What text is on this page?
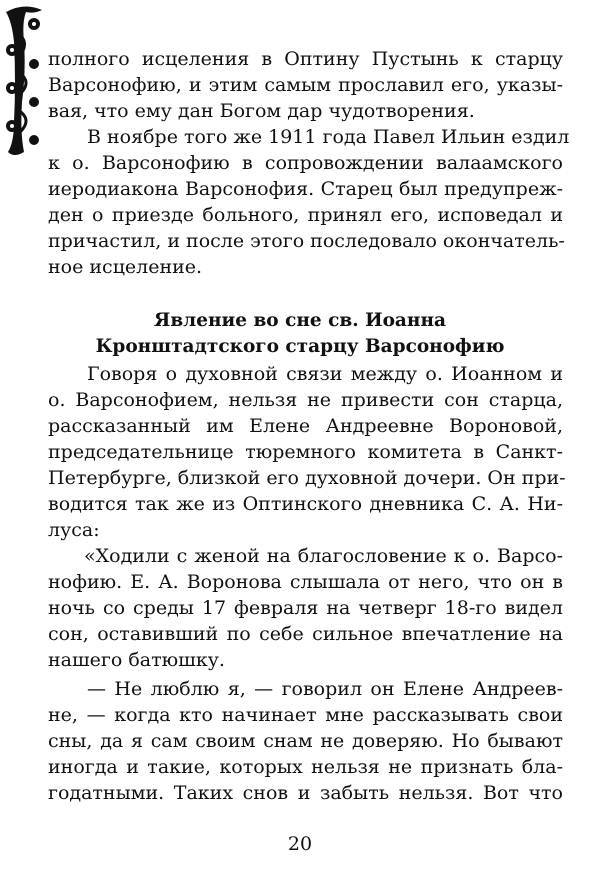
полного исцеления в Оптину Пустынь к старцу
Варсонофию, и этим самым прославил его, указы-
вая, что ему дан Богом дар чудотворения.
В ноябре того же 1911 года Павел Ильин ездил
к о. Варсонофию в сопровождении валаамского
иеродиакона Варсонофия. Старец был предупреж-
ден о приезде больного, принял его, исповедал и
причастил, и после этого последовало окончатель-
ное исцеление.
Явление во сне св. Иоанна
Кронштадтского старцу Варсонофию
Говоря о духовной связи между о. Иоанном и
о. Варсонофием, нельзя не привести сон старца,
рассказанный им Елене Андреевне Вороновой,
председательнице тюремного комитета в Санкт-
Петербурге, близкой его духовной дочери. Он при-
водится так же из Оптинского дневника С. А. Ни-
луса:
«Ходили с женой на благословение к о. Варсо-
нофию. Е. А. Воронова слышала от него, что он в
ночь со среды 17 февраля на четверг 18-го видел
сон, оставивший по себе сильное впечатление на
нашего батюшку.
— Не люблю я, — говорил он Елене Андреев-
не, — когда кто начинает мне рассказывать свои
сны, да я сам своим снам не доверяю. Но бывают
иногда и такие, которых нельзя не признать бла-
годатными. Таких снов и забыть нельзя. Вот что
20
